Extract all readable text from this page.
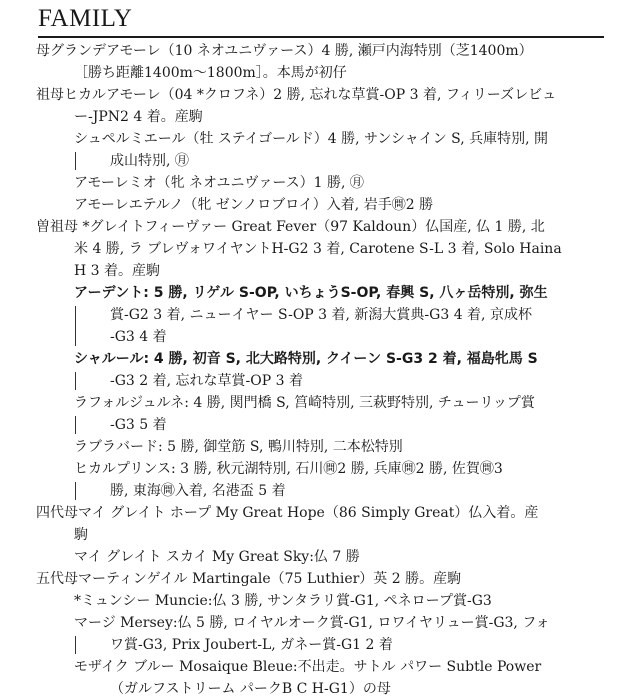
FAMILY
母グランデアモーレ（10 ネオユニヴァース）4 勝, 瀬戸内海特別（芝1400m）
［勝ち距離1400m～1800m］。本馬が初仔
祖母ヒカルアモーレ（04 *クロフネ）2 勝, 忘れな草賞-OP 3 着, フィリーズレビュ
ー-JPN2 4 着。産駒
シュペルミエール（牡 ステイゴールド）4 勝, サンシャイン S, 兵庫特別, 開
成山特別, ㊊
アモーレミオ（牝 ネオユニヴァース）1 勝, ㊊
アモーレエテルノ（牝 ゼンノロブロイ）入着, 岩手㉄2 勝
曽祖母 *グレイトフィーヴァー Great Fever（97 Kaldoun）仏国産, 仏 1 勝, 北
米 4 勝, ラ ブレヴォワイヤントH-G2 3 着, Carotene S-L 3 着, Solo Haina
H 3 着。産駒
アーデント: 5 勝, リゲル S-OP, いちょうS-OP, 春興 S, 八ヶ岳特別, 弥生
賞-G2 3 着, ニューイヤー S-OP 3 着, 新潟大賞典-G3 4 着, 京成杯
-G3 4 着
シャルール: 4 勝, 初音 S, 北大路特別, クイーン S-G3 2 着, 福島牝馬 S
-G3 2 着, 忘れな草賞-OP 3 着
ラフォルジュルネ: 4 勝, 関門橋 S, 筥崎特別, 三萩野特別, チューリップ賞
-G3 5 着
ラブラバード: 5 勝, 御堂筋 S, 鴨川特別, 二本松特別
ヒカルプリンス: 3 勝, 秋元湖特別, 石川㉄2 勝, 兵庫㉄2 勝, 佐賀㉄3
勝, 東海㉄入着, 名港盃 5 着
四代母マイ グレイト ホープ My Great Hope（86 Simply Great）仏入着。産
駒
マイ グレイト スカイ My Great Sky:仏 7 勝
五代母マーティンゲイル Martingale（75 Luthier）英 2 勝。産駒
*ミュンシー Muncie:仏 3 勝, サンタラリ賞-G1, ペネロープ賞-G3
マージ Mersey:仏 5 勝, ロイヤルオーク賞-G1, ロワイヤリュー賞-G3, フォ
ワ賞-G3, Prix Joubert-L, ガネー賞-G1 2 着
モザイク ブルー Mosaique Bleue:不出走。サトル パワー Subtle Power
（ガルフストリーム パークB C H-G1）の母
